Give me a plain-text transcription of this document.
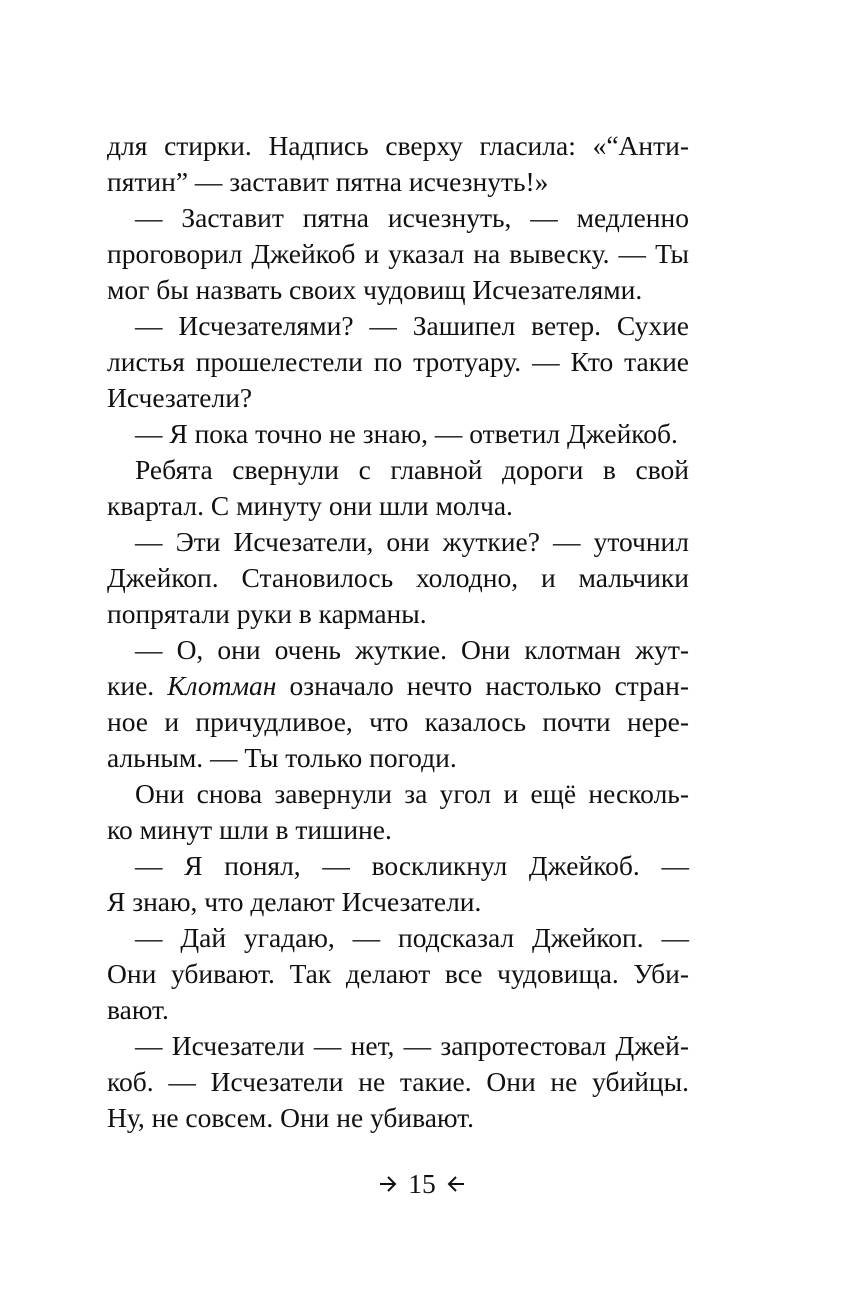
для стирки. Надпись сверху гласила: «“Анти-
пятин” — заставит пятна исчезнуть!»
— Заставит пятна исчезнуть, — медленно
проговорил Джейкоб и указал на вывеску. — Ты
мог бы назвать своих чудовищ Исчезателями.
— Исчезателями? — Зашипел ветер. Сухие
листья прошелестели по тротуару. — Кто такие
Исчезатели?
— Я пока точно не знаю, — ответил Джейкоб.
Ребята свернули с главной дороги в свой
квартал. С минуту они шли молча.
— Эти Исчезатели, они жуткие? — уточнил
Джейкоп. Становилось холодно, и мальчики
попрятали руки в карманы.
— О, они очень жуткие. Они клотман жут-
кие. Клотман означало нечто настолько стран-
ное и причудливое, что казалось почти нере-
альным. — Ты только погоди.
Они снова завернули за угол и ещё несколь-
ко минут шли в тишине.
— Я понял, — воскликнул Джейкоб. —
Я знаю, что делают Исчезатели.
— Дай угадаю, — подсказал Джейкоп. —
Они убивают. Так делают все чудовища. Уби-
вают.
— Исчезатели — нет, — запротестовал Джей-
коб. — Исчезатели не такие. Они не убийцы.
Ну, не совсем. Они не убивают.
15
